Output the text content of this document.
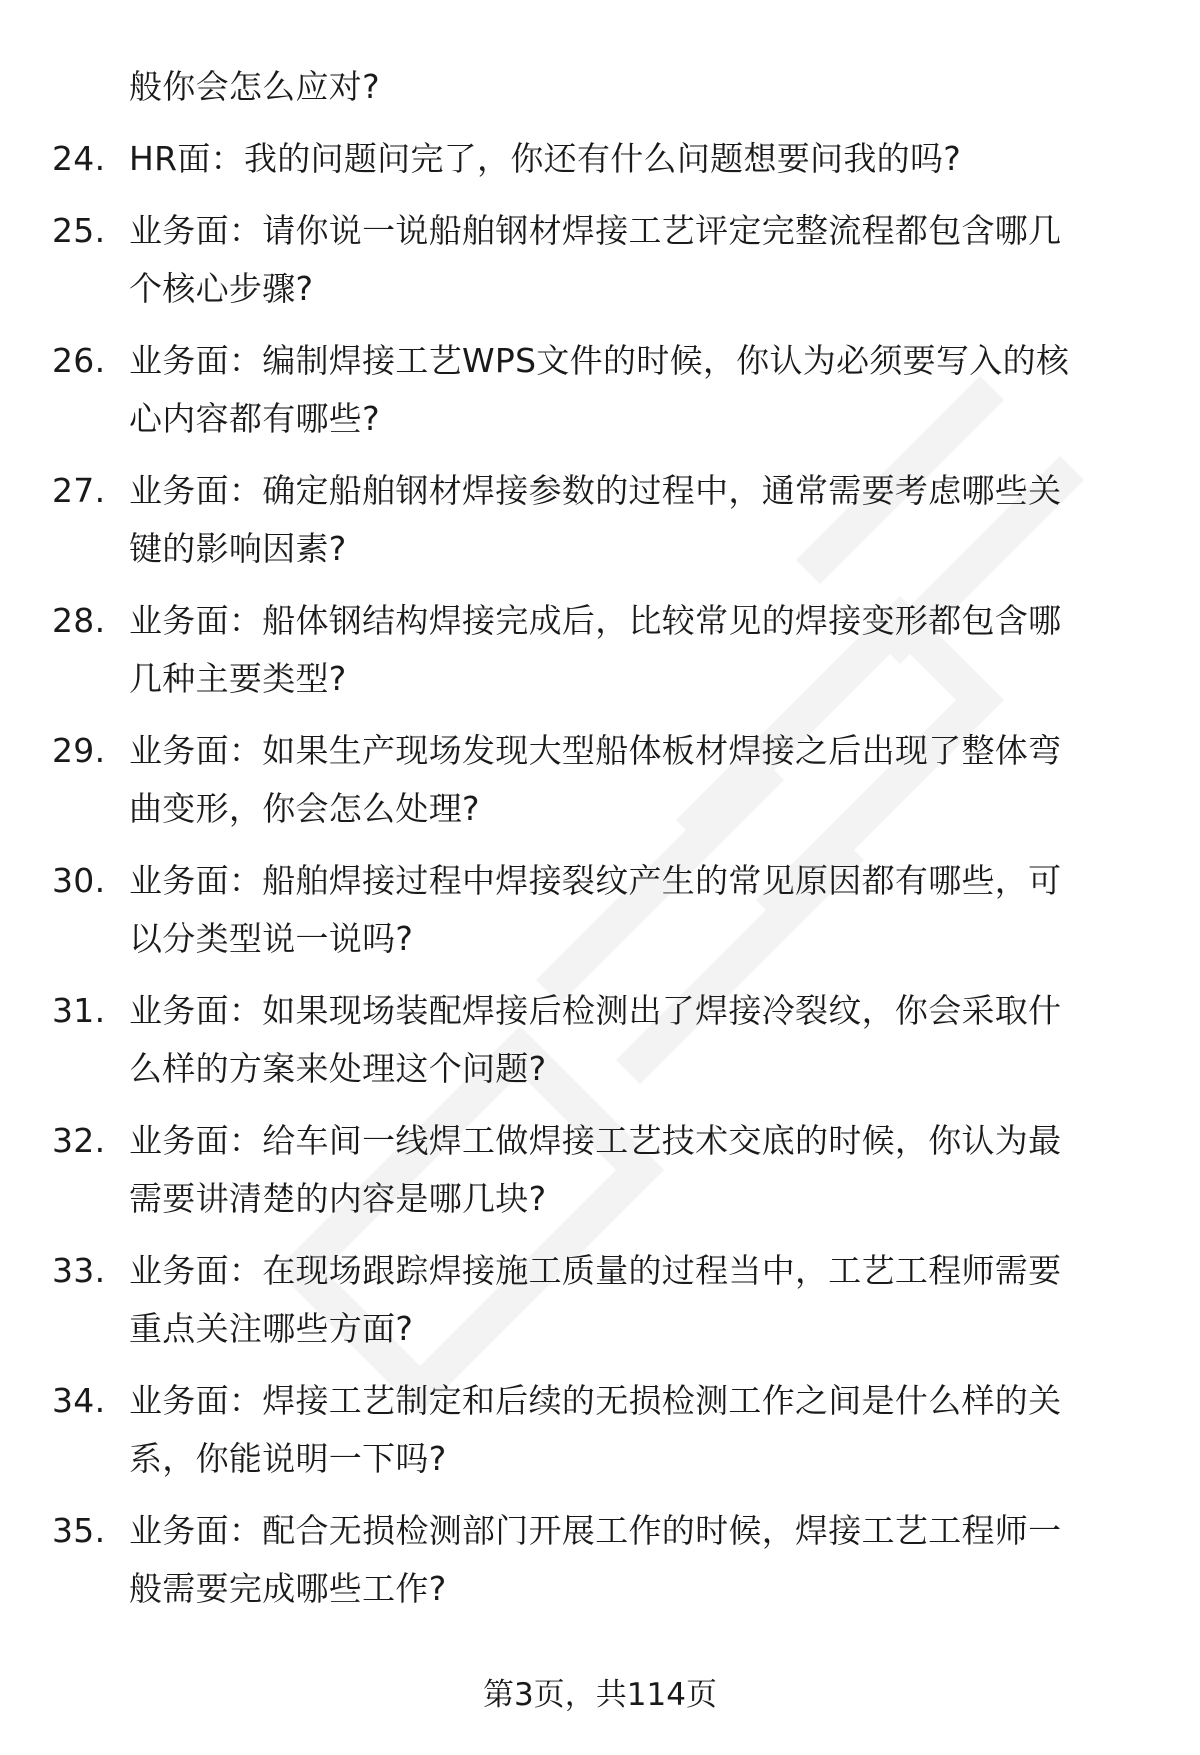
般你会怎么应对?
24. HR面：我的问题问完了，你还有什么问题想要问我的吗?
25. 业务面：请你说一说船舶钢材焊接工艺评定完整流程都包含哪几
个核心步骤?
26. 业务面：编制焊接工艺WPS文件的时候，你认为必须要写入的核
心内容都有哪些?
27. 业务面：确定船舶钢材焊接参数的过程中，通常需要考虑哪些关
键的影响因素?
28. 业务面：船体钢结构焊接完成后，比较常见的焊接变形都包含哪
几种主要类型?
29. 业务面：如果生产现场发现大型船体板材焊接之后出现了整体弯
曲变形，你会怎么处理?
30. 业务面：船舶焊接过程中焊接裂纹产生的常见原因都有哪些，可
以分类型说一说吗?
31. 业务面：如果现场装配焊接后检测出了焊接冷裂纹，你会采取什
么样的方案来处理这个问题?
32. 业务面：给车间一线焊工做焊接工艺技术交底的时候，你认为最
需要讲清楚的内容是哪几块?
33. 业务面：在现场跟踪焊接施工质量的过程当中，工艺工程师需要
重点关注哪些方面?
34. 业务面：焊接工艺制定和后续的无损检测工作之间是什么样的关
系，你能说明一下吗?
35. 业务面：配合无损检测部门开展工作的时候，焊接工艺工程师一
般需要完成哪些工作?
第3页，共114页
